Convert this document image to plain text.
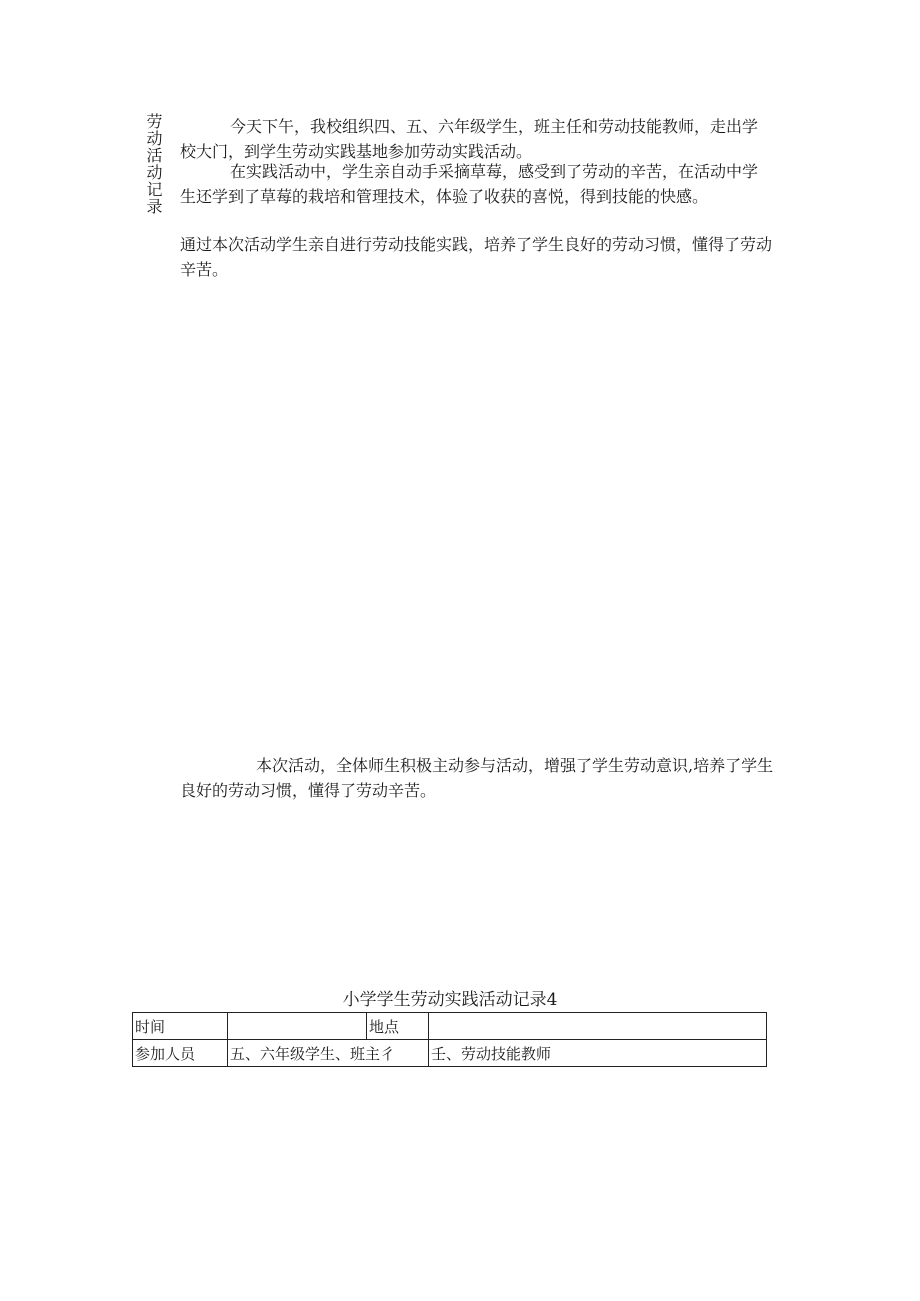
劳动活动记录	今天下午，我校组织四、五、六年级学生，班主任和劳动技能教师，走出学校大门，到学生劳动实践基地参加劳动实践活动。

在实践活动中，学生亲自动手采摘草莓，感受到了劳动的辛苦，在活动中学生还学到了草莓的栽培和管理技术，体验了收获的喜悦，得到技能的快感。

通过本次活动学生亲自进行劳动技能实践，培养了学生良好的劳动习惯，懂得了劳动辛苦。

本次活动，全体师生积极主动参与活动，增强了学生劳动意识,培养了学生良好的劳动习惯，懂得了劳动辛苦。

小学学生劳动实践活动记录4
时间		地点	
参加人员	五、六年级学生、班主彳		壬、劳动技能教师
